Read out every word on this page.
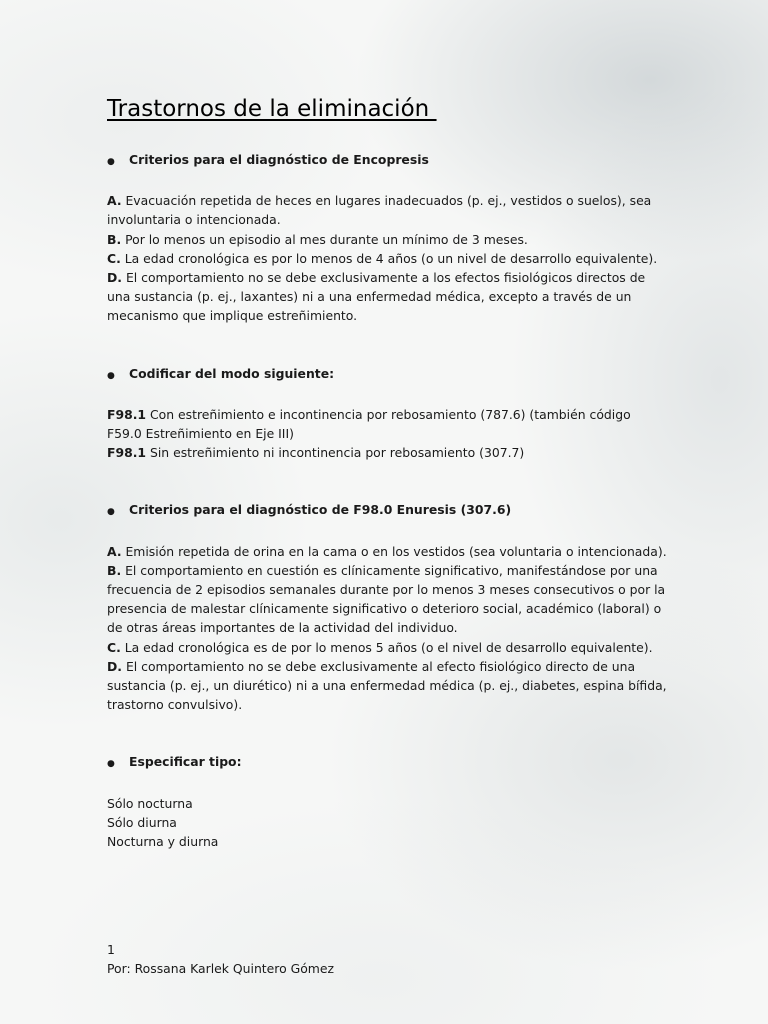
Trastornos de la eliminación
●	Criterios para el diagnóstico de Encopresis

A. Evacuación repetida de heces en lugares inadecuados (p. ej., vestidos o suelos), sea involuntaria o intencionada.

B. Por lo menos un episodio al mes durante un mínimo de 3 meses.

C. La edad cronológica es por lo menos de 4 años (o un nivel de desarrollo equivalente).

D. El comportamiento no se debe exclusivamente a los efectos fisiológicos directos de una sustancia (p. ej., laxantes) ni a una enfermedad médica, excepto a través de un mecanismo que implique estreñimiento.

●	Codificar del modo siguiente:

F98.1 Con estreñimiento e incontinencia por rebosamiento (787.6) (también código F59.0 Estreñimiento en Eje III)

F98.1 Sin estreñimiento ni incontinencia por rebosamiento (307.7)

●	Criterios para el diagnóstico de F98.0 Enuresis (307.6)

A. Emisión repetida de orina en la cama o en los vestidos (sea voluntaria o intencionada).

B. El comportamiento en cuestión es clínicamente significativo, manifestándose por una frecuencia de 2 episodios semanales durante por lo menos 3 meses consecutivos o por la presencia de malestar clínicamente significativo o deterioro social, académico (laboral) o de otras áreas importantes de la actividad del individuo.

C. La edad cronológica es de por lo menos 5 años (o el nivel de desarrollo equivalente).

D. El comportamiento no se debe exclusivamente al efecto fisiológico directo de una sustancia (p. ej., un diurético) ni a una enfermedad médica (p. ej., diabetes, espina bífida, trastorno convulsivo).

●	Especificar tipo:

Sólo nocturna

Sólo diurna

Nocturna y diurna

1
Por: Rossana Karlek Quintero Gómez
